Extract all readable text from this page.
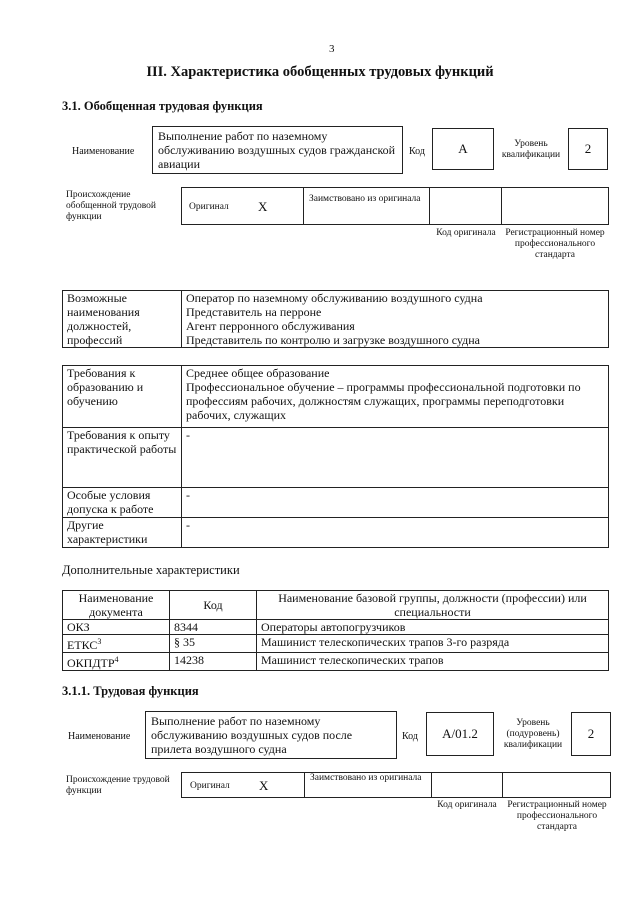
3
III. Характеристика обобщенных трудовых функций
3.1. Обобщенная трудовая функция
Наименование
Выполнение работ по наземному обслуживанию воздушных судов гражданской авиации
Код	A	Уровень квалификации	2
Происхождение обобщенной трудовой функции
Оригинал X	Заимствовано из оригинала
Код оригинала	Регистрационный номер профессионального стандарта
Возможные наименования должностей, профессий	
Оператор по наземному обслуживанию воздушного судна
Представитель на перроне
Агент перронного обслуживания
Представитель по контролю и загрузке воздушного судна
Требования к образованию и обучению	Среднее общее образование
Профессиональное обучение – программы профессиональной подготовки по профессиям рабочих, должностям служащих, программы переподготовки рабочих, служащих

Требования к опыту практической работы	-
Особые условия допуска к работе	-
Другие характеристики	-
Дополнительные характеристики
Наименование документа	Код	Наименование базовой группы, должности (профессии) или специальности
ОКЗ	8344	Операторы автопогрузчиков
ЕТКС$^3$	§ 35	Машинист телескопических трапов 3-го разряда
ОКПДТР$^4$	14238	Машинист телескопических трапов
3.1.1. Трудовая функция
Наименование
Выполнение работ по наземному обслуживанию воздушных судов после прилета воздушного судна
Код	A/01.2
Уровень (подуровень) квалификации
2
Происхождение трудовой функции	Оригинал X	Заимствовано из оригинала
Код оригинала	Регистрационный номер профессионального стандарта
